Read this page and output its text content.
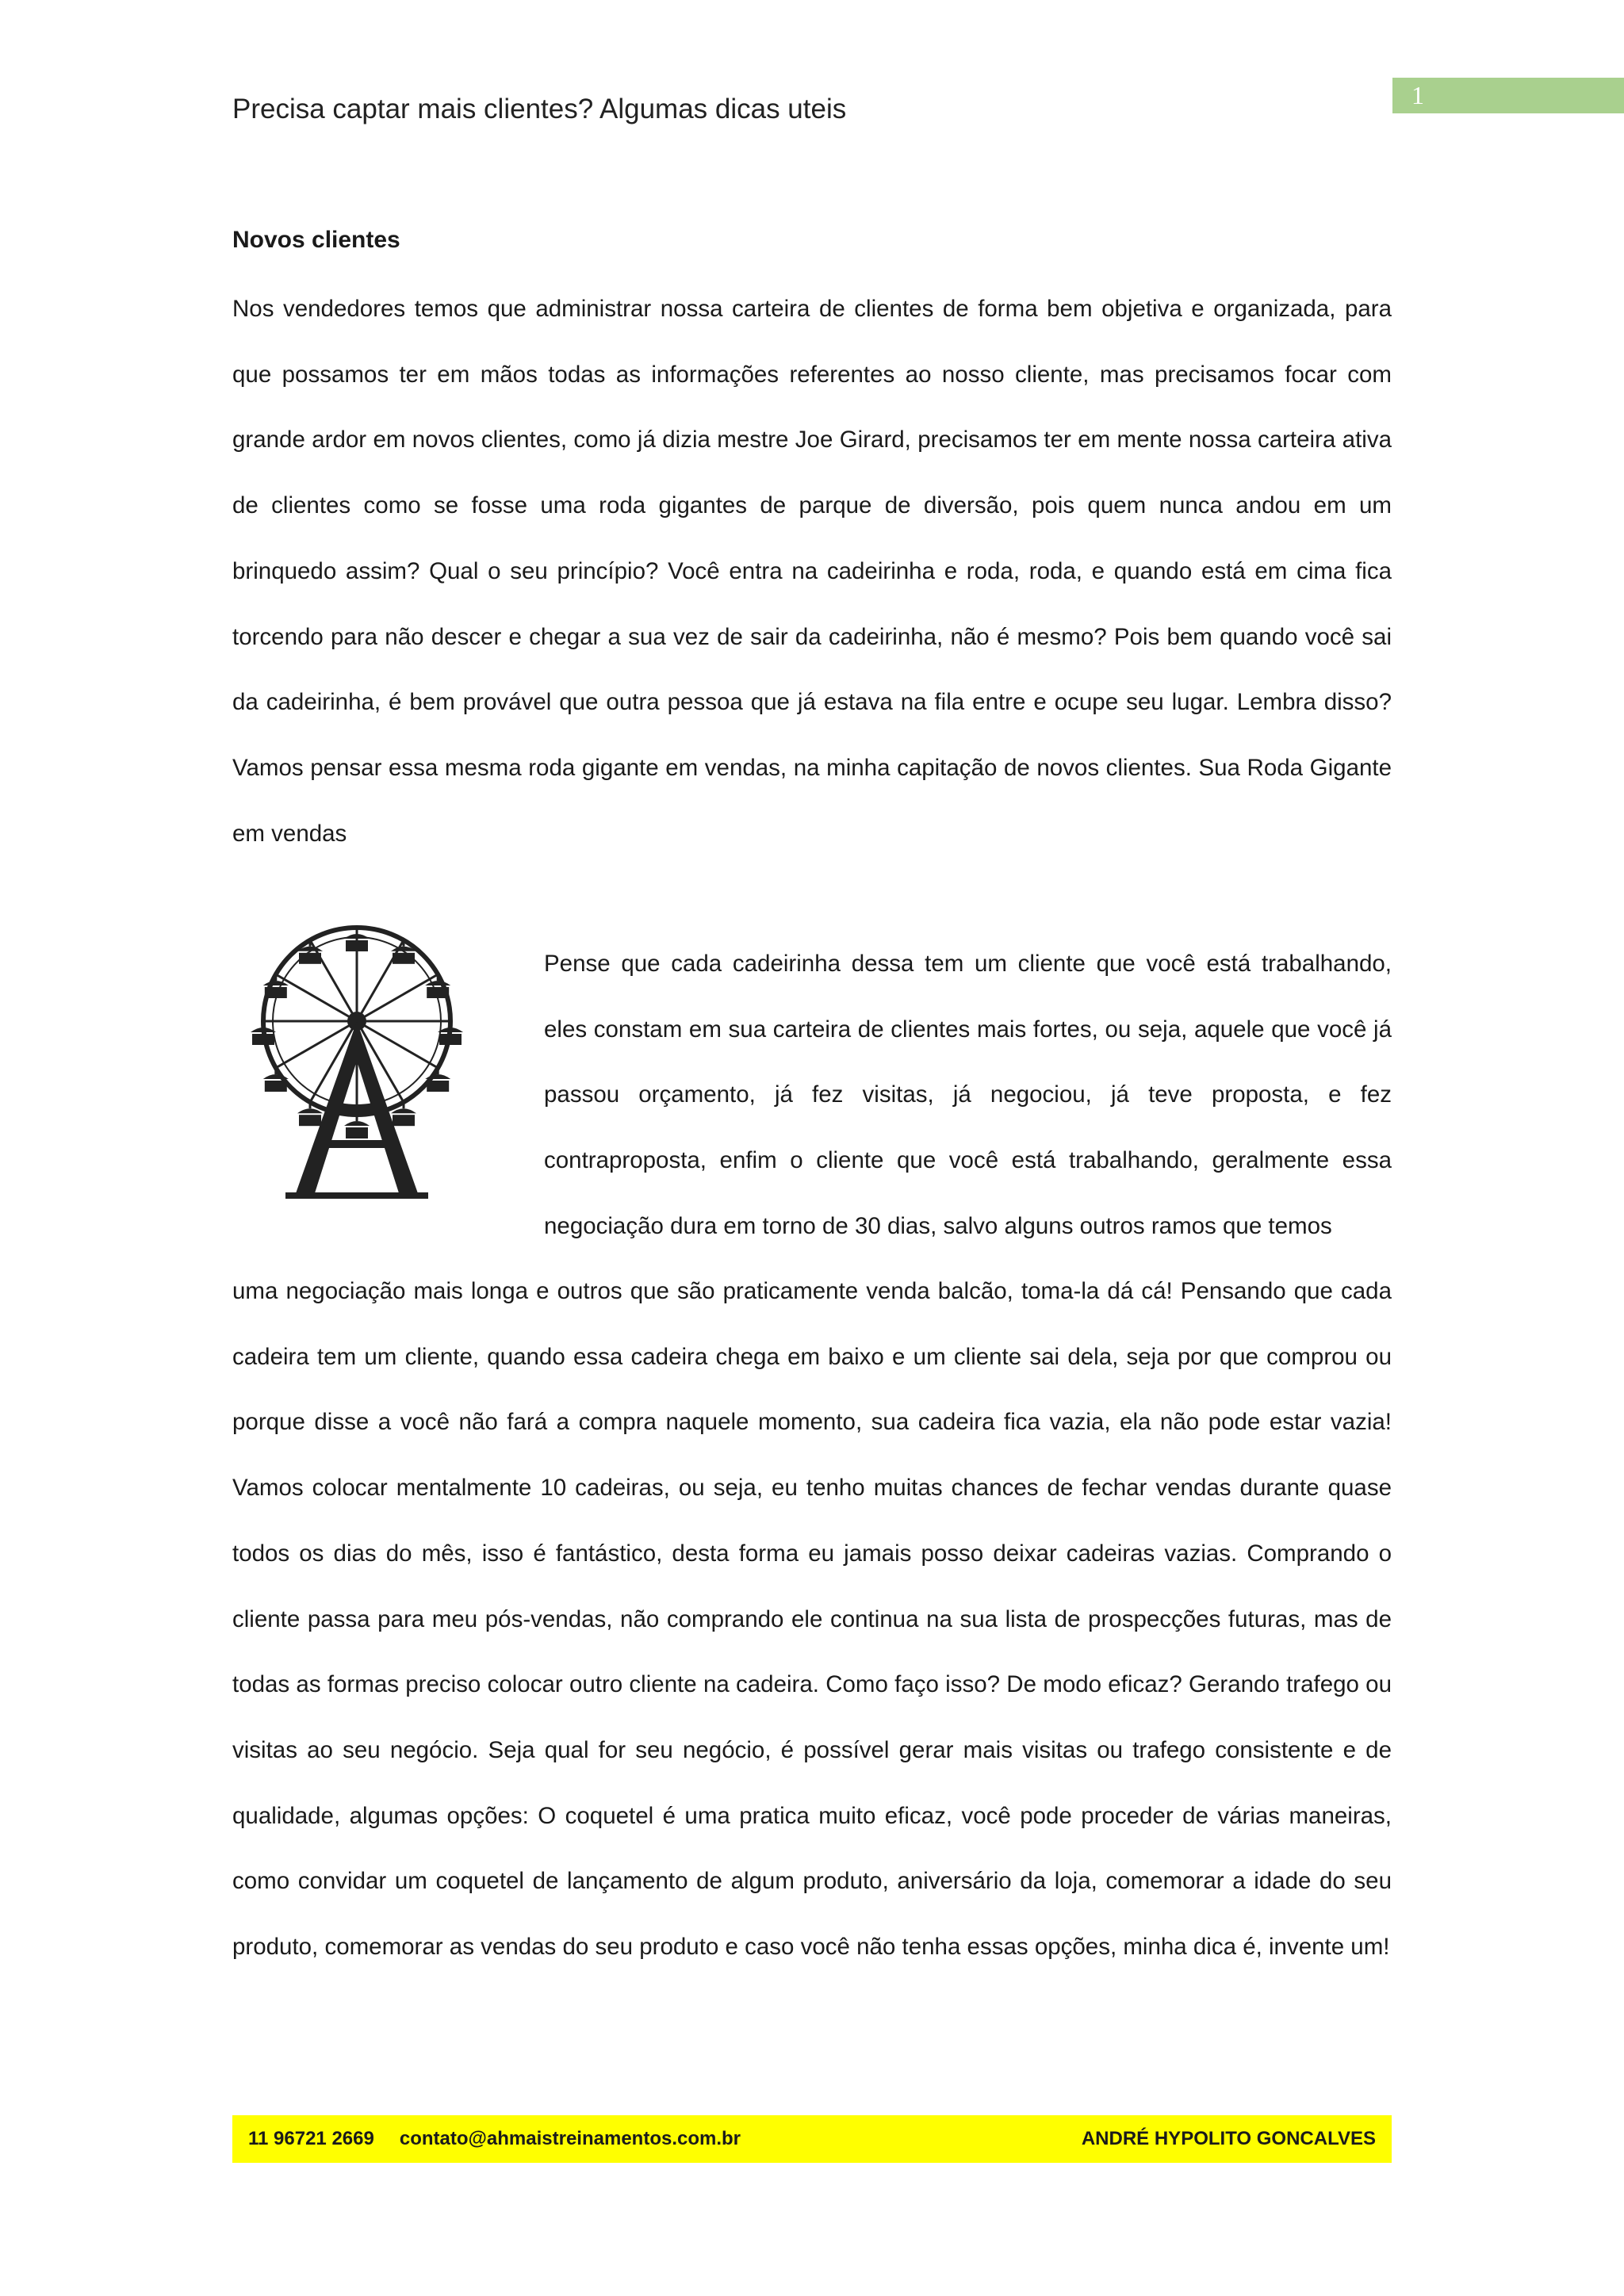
1
Precisa captar mais clientes? Algumas dicas uteis
Novos clientes

Nos vendedores temos que administrar nossa carteira de clientes de forma bem objetiva e organizada, para que possamos ter em mãos todas as informações referentes ao nosso cliente, mas precisamos focar com grande ardor em novos clientes, como já dizia mestre Joe Girard, precisamos ter em mente nossa carteira ativa de clientes como se fosse uma roda gigantes de parque de diversão, pois quem nunca andou em um brinquedo assim? Qual o seu princípio? Você entra na cadeirinha e roda, roda, e quando está em cima fica torcendo para não descer e chegar a sua vez de sair da cadeirinha, não é mesmo? Pois bem quando você sai da cadeirinha, é bem provável que outra pessoa que já estava na fila entre e ocupe seu lugar. Lembra disso? Vamos pensar essa mesma roda gigante em vendas, na minha capitação de novos clientes. Sua Roda Gigante em vendas

Pense que cada cadeirinha dessa tem um cliente que você está trabalhando, eles constam em sua carteira de clientes mais fortes, ou seja, aquele que você já passou orçamento, já fez visitas, já negociou, já teve proposta, e fez contraproposta, enfim o cliente que você está trabalhando, geralmente essa negociação dura em torno de 30 dias, salvo alguns outros ramos que temos

uma negociação mais longa e outros que são praticamente venda balcão, toma-la dá cá! Pensando que cada cadeira tem um cliente, quando essa cadeira chega em baixo e um cliente sai dela, seja por que comprou ou porque disse a você não fará a compra naquele momento, sua cadeira fica vazia, ela não pode estar vazia! Vamos colocar mentalmente 10 cadeiras, ou seja, eu tenho muitas chances de fechar vendas durante quase todos os dias do mês, isso é fantástico, desta forma eu jamais posso deixar cadeiras vazias. Comprando o cliente passa para meu pós-vendas, não comprando ele continua na sua lista de prospecções futuras, mas de todas as formas preciso colocar outro cliente na cadeira. Como faço isso? De modo eficaz? Gerando trafego ou visitas ao seu negócio. Seja qual for seu negócio, é possível gerar mais visitas ou trafego consistente e de qualidade, algumas opções: O coquetel é uma pratica muito eficaz, você pode proceder de várias maneiras, como convidar um coquetel de lançamento de algum produto, aniversário da loja, comemorar a idade do seu produto, comemorar as vendas do seu produto e caso você não tenha essas opções, minha dica é, invente um!

11 96721 2669 contato@ahmaistreinamentos.com.br	ANDRÉ HYPOLITO GONCALVES
